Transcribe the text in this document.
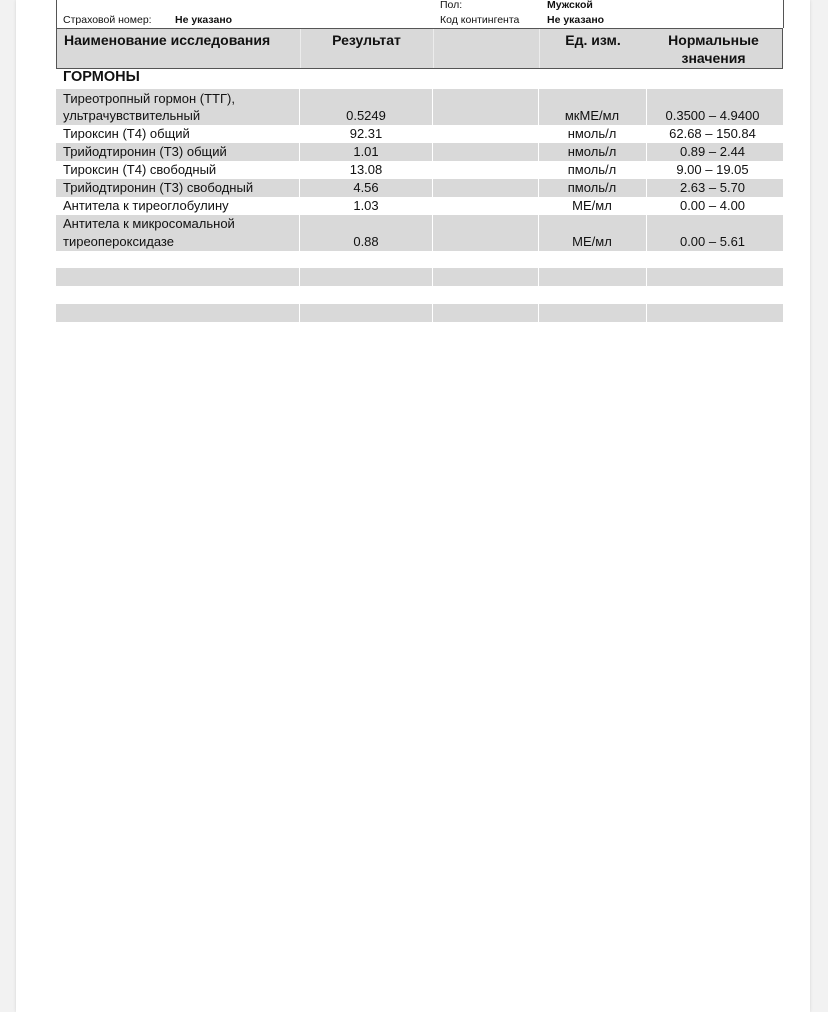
Страховой номер: Не указано
Пол:	Мужской
Код контингента	Не указано
Наименование исследования	Результат	Ед. изм.	Нормальные
значения
ГОРМОНЫ
Тиреотропный гормон (ТТГ),
ультрачувствительный	0.5249	мкМЕ/мл	0.3500 – 4.9400
Тироксин (Т4) общий	92.31	нмоль/л	62.68 – 150.84
Трийодтиронин (Т3) общий	1.01	нмоль/л	0.89 – 2.44
Тироксин (Т4) свободный	13.08	пмоль/л	9.00 – 19.05
Трийодтиронин (Т3) свободный	4.56	пмоль/л	2.63 – 5.70
Антитела к тиреоглобулину	1.03	МЕ/мл	0.00 – 4.00
Антитела к микросомальной
тиреопероксидазе	0.88	МЕ/мл	0.00 – 5.61
